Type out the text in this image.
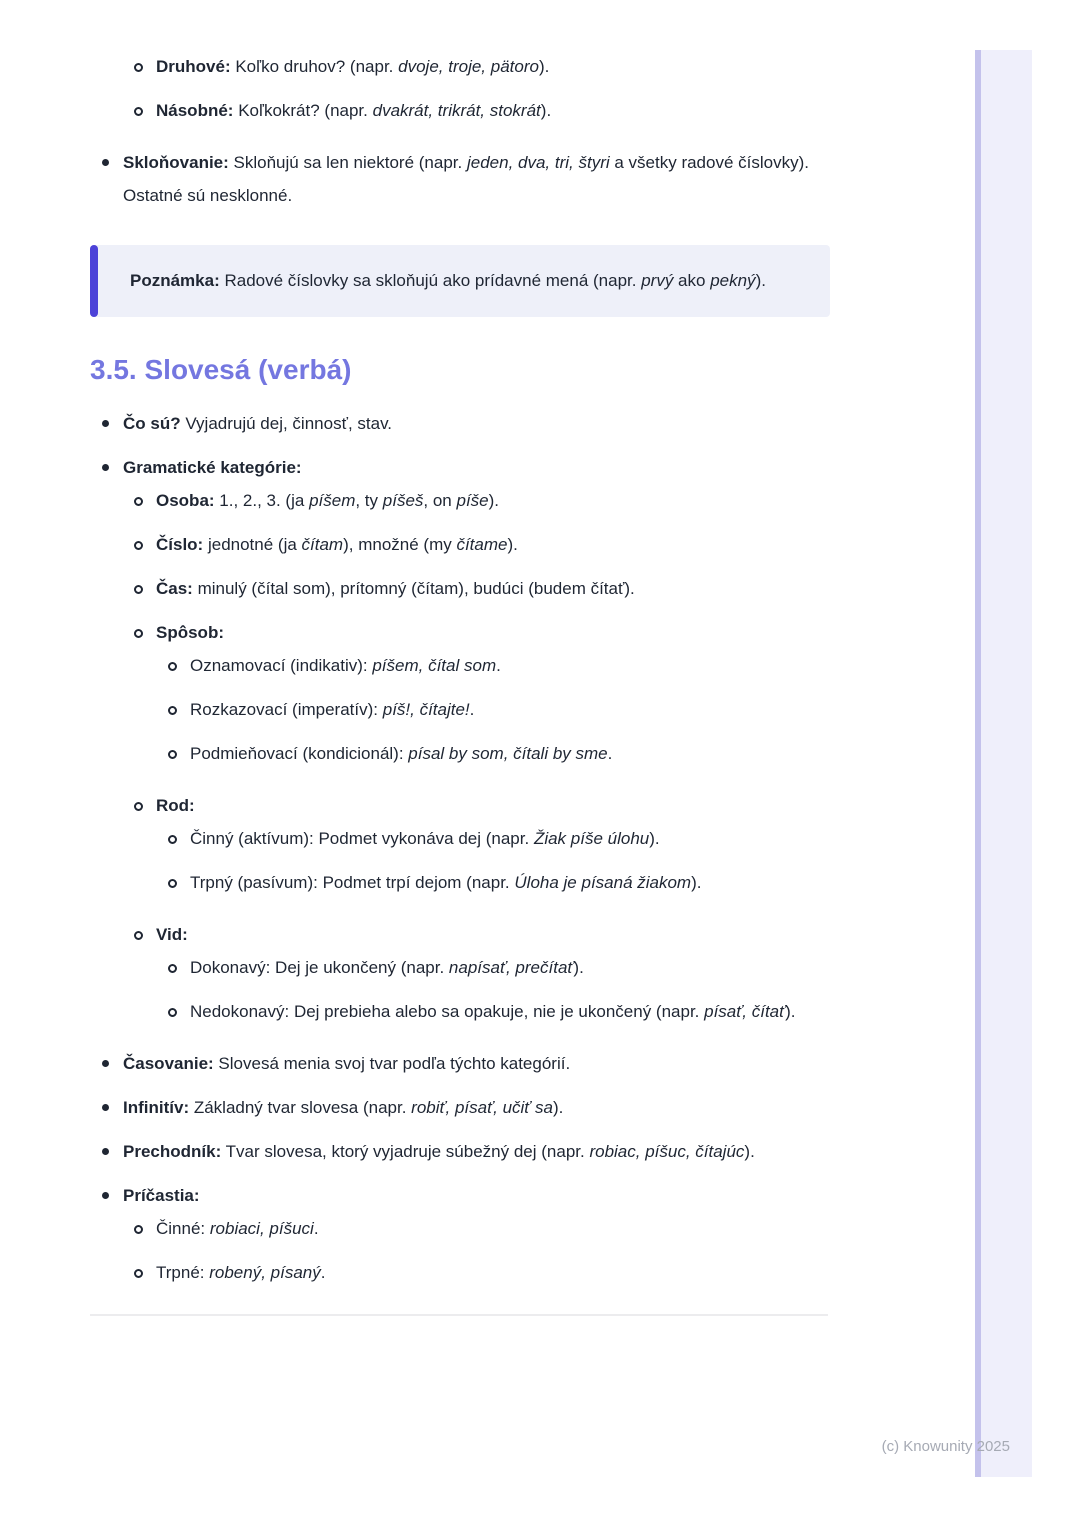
Druhové: Koľko druhov? (napr. dvoje, troje, pätoro).
Násobné: Koľkokrát? (napr. dvakrát, trikrát, stokrát).
Skloňovanie: Skloňujú sa len niektoré (napr. jeden, dva, tri, štyri a všetky radové číslovky). Ostatné sú nesklonné.
Poznámka: Radové číslovky sa skloňujú ako prídavné mená (napr. prvý ako pekný).
3.5. Slovesá (verbá)
Čo sú? Vyjadrujú dej, činnosť, stav.
Gramatické kategórie:
Osoba: 1., 2., 3. (ja píšem, ty píšeš, on píše).
Číslo: jednotné (ja čítam), množné (my čítame).
Čas: minulý (čítal som), prítomný (čítam), budúci (budem čítať).
Spôsob:
Oznamovací (indikativ): píšem, čítal som.
Rozkazovací (imperatív): píš!, čítajte!.
Podmieňovací (kondicionál): písal by som, čítali by sme.
Rod:
Činný (aktívum): Podmet vykonáva dej (napr. Žiak píše úlohu).
Trpný (pasívum): Podmet trpí dejom (napr. Úloha je písaná žiakom).
Vid:
Dokonavý: Dej je ukončený (napr. napísať, prečítať).
Nedokonavý: Dej prebieha alebo sa opakuje, nie je ukončený (napr. písať, čítať).
Časovanie: Slovesá menia svoj tvar podľa týchto kategórií.
Infinitív: Základný tvar slovesa (napr. robiť, písať, učiť sa).
Prechodník: Tvar slovesa, ktorý vyjadruje súbežný dej (napr. robiac, píšuc, čítajúc).
Príčastia:
Činné: robiaci, píšuci.
Trpné: robený, písaný.
(c) Knowunity 2025
